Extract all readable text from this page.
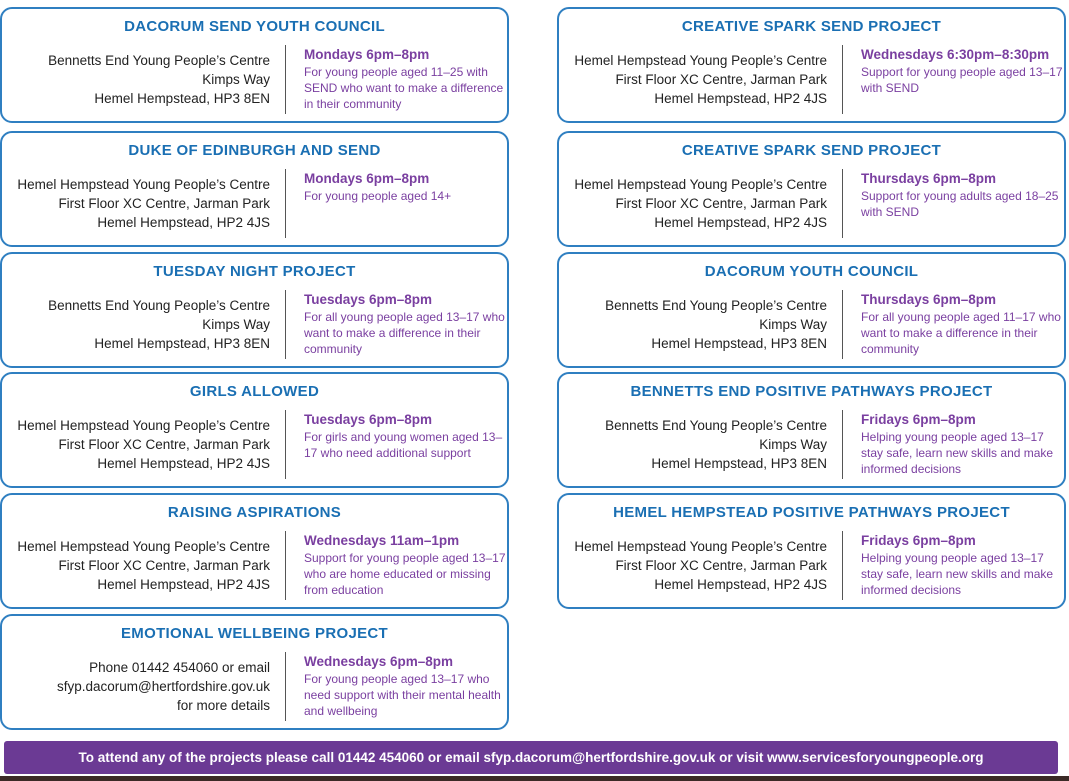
DACORUM SEND YOUTH COUNCIL
Bennetts End Young People’s Centre
Kimps Way
Hemel Hempstead, HP3 8EN
Mondays 6pm–8pm
For young people aged 11–25 with SEND who want to make a difference in their community
DUKE OF EDINBURGH AND SEND
Hemel Hempstead Young People’s Centre
First Floor XC Centre, Jarman Park
Hemel Hempstead, HP2 4JS
Mondays 6pm–8pm
For young people aged 14+
TUESDAY NIGHT PROJECT
Bennetts End Young People’s Centre
Kimps Way
Hemel Hempstead, HP3 8EN
Tuesdays 6pm–8pm
For all young people aged 13–17 who want to make a difference in their community
GIRLS ALLOWED
Hemel Hempstead Young People’s Centre
First Floor XC Centre, Jarman Park
Hemel Hempstead, HP2 4JS
Tuesdays 6pm–8pm
For girls and young women aged 13–17 who need additional support
RAISING ASPIRATIONS
Hemel Hempstead Young People’s Centre
First Floor XC Centre, Jarman Park
Hemel Hempstead, HP2 4JS
Wednesdays 11am–1pm
Support for young people aged 13–17 who are home educated or missing from education
EMOTIONAL WELLBEING PROJECT
Phone 01442 454060 or email
sfyp.dacorum@hertfordshire.gov.uk
for more details
Wednesdays 6pm–8pm
For young people aged 13–17 who need support with their mental health and wellbeing
CREATIVE SPARK SEND PROJECT
Hemel Hempstead Young People’s Centre
First Floor XC Centre, Jarman Park
Hemel Hempstead, HP2 4JS
Wednesdays 6:30pm–8:30pm
Support for young people aged 13–17 with SEND
CREATIVE SPARK SEND PROJECT
Hemel Hempstead Young People’s Centre
First Floor XC Centre, Jarman Park
Hemel Hempstead, HP2 4JS
Thursdays 6pm–8pm
Support for young adults aged 18–25 with SEND
DACORUM YOUTH COUNCIL
Bennetts End Young People’s Centre
Kimps Way
Hemel Hempstead, HP3 8EN
Thursdays 6pm–8pm
For all young people aged 11–17 who want to make a difference in their community
BENNETTS END POSITIVE PATHWAYS PROJECT
Bennetts End Young People’s Centre
Kimps Way
Hemel Hempstead, HP3 8EN
Fridays 6pm–8pm
Helping young people aged 13–17 stay safe, learn new skills and make informed decisions
HEMEL HEMPSTEAD POSITIVE PATHWAYS PROJECT
Hemel Hempstead Young People’s Centre
First Floor XC Centre, Jarman Park
Hemel Hempstead, HP2 4JS
Fridays 6pm–8pm
Helping young people aged 13–17 stay safe, learn new skills and make informed decisions
To attend any of the projects please call 01442 454060 or email sfyp.dacorum@hertfordshire.gov.uk or visit www.servicesforyoungpeople.org
